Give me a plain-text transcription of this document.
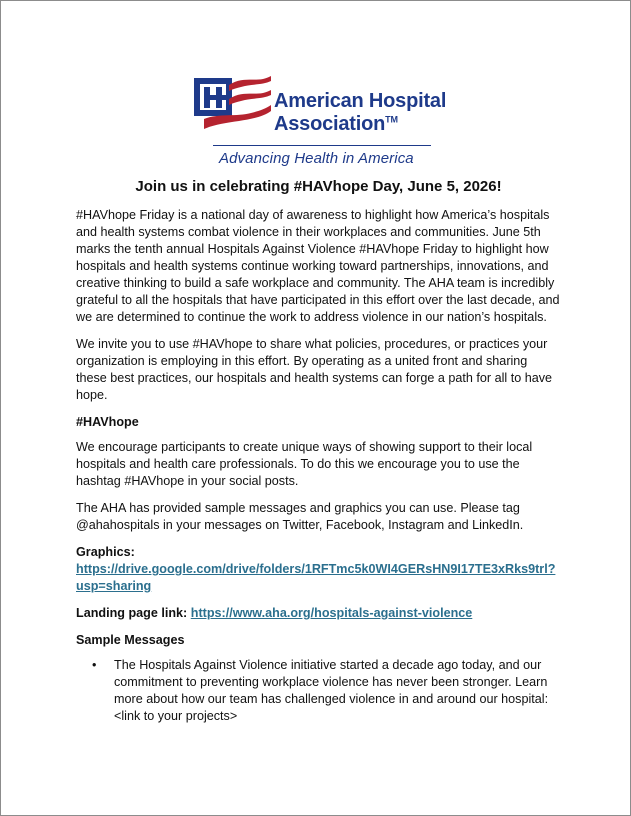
American Hospital
Association™
Advancing Health in America
Join us in celebrating #HAVhope Day, June 5, 2026!

#HAVhope Friday is a national day of awareness to highlight how America’s hospitals and health systems combat violence in their workplaces and communities. June 5th marks the tenth annual Hospitals Against Violence #HAVhope Friday to highlight how hospitals and health systems continue working toward partnerships, innovations, and creative thinking to build a safe workplace and community. The AHA team is incredibly grateful to all the hospitals that have participated in this effort over the last decade, and we are determined to continue the work to address violence in our nation’s hospitals.

We invite you to use #HAVhope to share what policies, procedures, or practices your organization is employing in this effort. By operating as a united front and sharing these best practices, our hospitals and health systems can forge a path for all to have hope.

#HAVhope

We encourage participants to create unique ways of showing support to their local hospitals and health care professionals. To do this we encourage you to use the hashtag #HAVhope in your social posts.

The AHA has provided sample messages and graphics you can use. Please tag @ahahospitals in your messages on Twitter, Facebook, Instagram and LinkedIn.

Graphics:
https://drive.google.com/drive/folders/1RFTmc5k0WI4GERsHN9I17TE3xRks9trl?usp=sharing

Landing page link: https://www.aha.org/hospitals-against-violence

Sample Messages

• The Hospitals Against Violence initiative started a decade ago today, and our commitment to preventing workplace violence has never been stronger. Learn more about how our team has challenged violence in and around our hospital: <link to your projects>
